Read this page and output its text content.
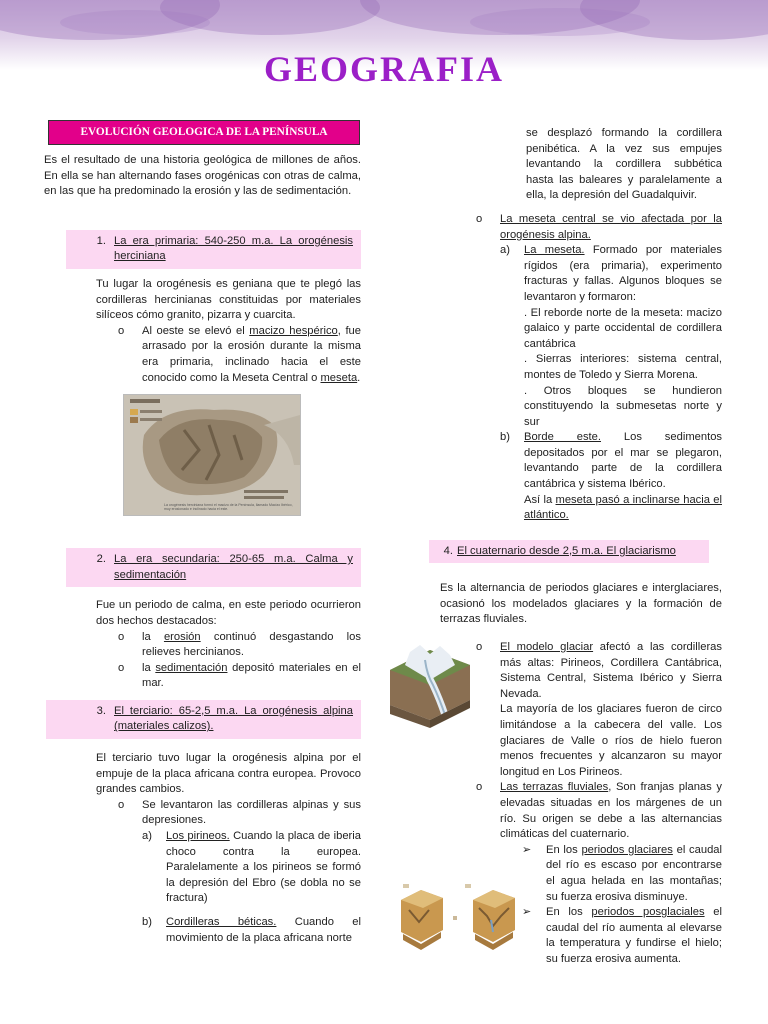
GEOGRAFIA
EVOLUCIÓN GEOLOGICA DE LA PENÍNSULA

Es el resultado de una historia geológica de millones de años. En ella se han alternando fases orogénicas con otras de calma, en las que ha predominado la erosión y las de sedimentación.

1. La era primaria: 540-250 m.a. La orogénesis herciniana

Tu lugar la orogénesis es geniana que te plegó las cordilleras hercinianas constituidas por materiales silíceos cómo granito, pizarra y cuarcita.

o	Al oeste se elevó el macizo hespérico, fue arrasado por la erosión durante la misma era primaria, inclinado hacia el este conocido como la Meseta Central o meseta.
La orogénesis herciniana formó el macizo de la Península, llamado Macizo Ibérico, muy erosionado e inclinado hacia el este.
2. La era secundaria: 250-65 m.a. Calma y sedimentación

Fue un periodo de calma, en este periodo ocurrieron dos hechos destacados:

o	la erosión continuó desgastando los relieves hercinianos.
o	la sedimentación depositó materiales en el mar.
3. El terciario: 65-2,5 m.a. La orogénesis alpina (materiales calizos).

El terciario tuvo lugar la orogénesis alpina por el empuje de la placa africana contra europea. Provoco grandes cambios.

o	Se levantaron las cordilleras alpinas y sus depresiones.
a)	Los pirineos. Cuando la placa de iberia choco contra la europea. Paralelamente a los pirineos se formó la depresión del Ebro (se dobla no se fractura)
b)	Cordilleras béticas. Cuando el movimiento de la placa africana norte

se desplazó formando la cordillera penibética. A la vez sus empujes levantando la cordillera subbética hasta las baleares y paralelamente a ella, la depresión del Guadalquivir.

o	La meseta central se vio afectada por la orogénesis alpina.
a)	La meseta. Formado por materiales rígidos (era primaria), experimento fracturas y fallas. Algunos bloques se levantaron y formaron:

. El reborde norte de la meseta: macizo galaico y parte occidental de cordillera cantábrica

. Sierras interiores: sistema central, montes de Toledo y Sierra Morena.

. Otros bloques se hundieron constituyendo la submesetas norte y sur

b)	Borde este. Los sedimentos depositados por el mar se plegaron, levantando parte de la cordillera cantábrica y sistema Ibérico.

Así la meseta pasó a inclinarse hacia el atlántico.

4. El cuaternario desde 2,5 m.a. El glaciarismo

Es la alternancia de periodos glaciares e interglaciares, ocasionó los modelados glaciares y la formación de terrazas fluviales.

o	El modelo glaciar afectó a las cordilleras más altas: Pirineos, Cordillera Cantábrica, Sistema Central, Sistema Ibérico y Sierra Nevada.

La mayoría de los glaciares fueron de circo limitándose a la cabecera del valle. Los glaciares de Valle o ríos de hielo fueron menos frecuentes y alcanzaron su mayor longitud en Los Pirineos.

o	Las terrazas fluviales, Son franjas planas y elevadas situadas en los márgenes de un río. Su origen se debe a las alternancias climáticas del cuaternario.
➢	En los periodos glaciares el caudal del río es escaso por encontrarse el agua helada en las montañas; su fuerza erosiva disminuye.
➢	En los periodos posglaciales el caudal del río aumenta al elevarse la temperatura y fundirse el hielo; su fuerza erosiva aumenta.
